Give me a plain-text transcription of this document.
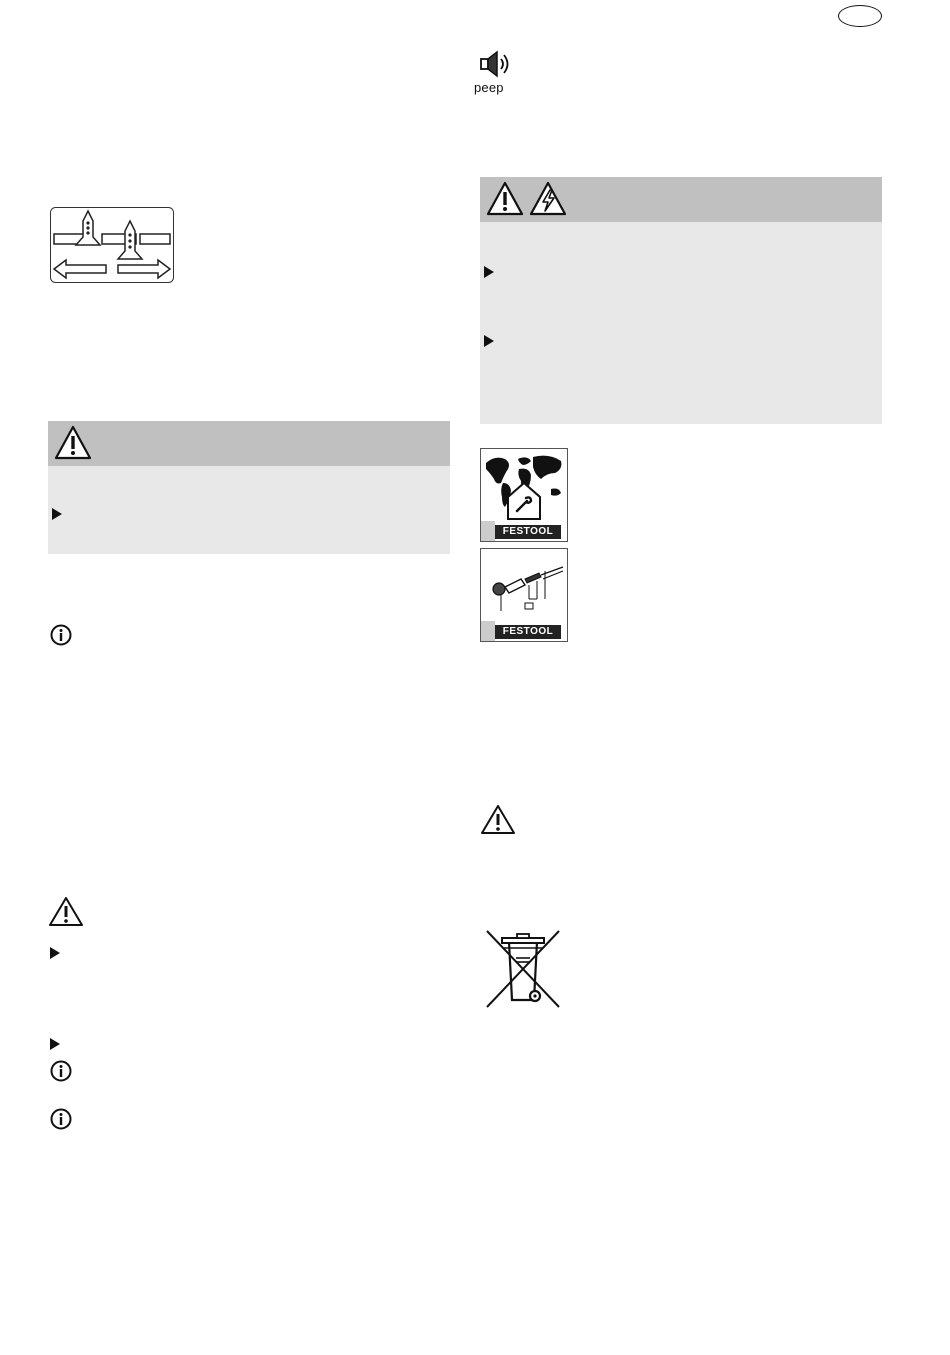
peep
FESTOOL
FESTOOL
